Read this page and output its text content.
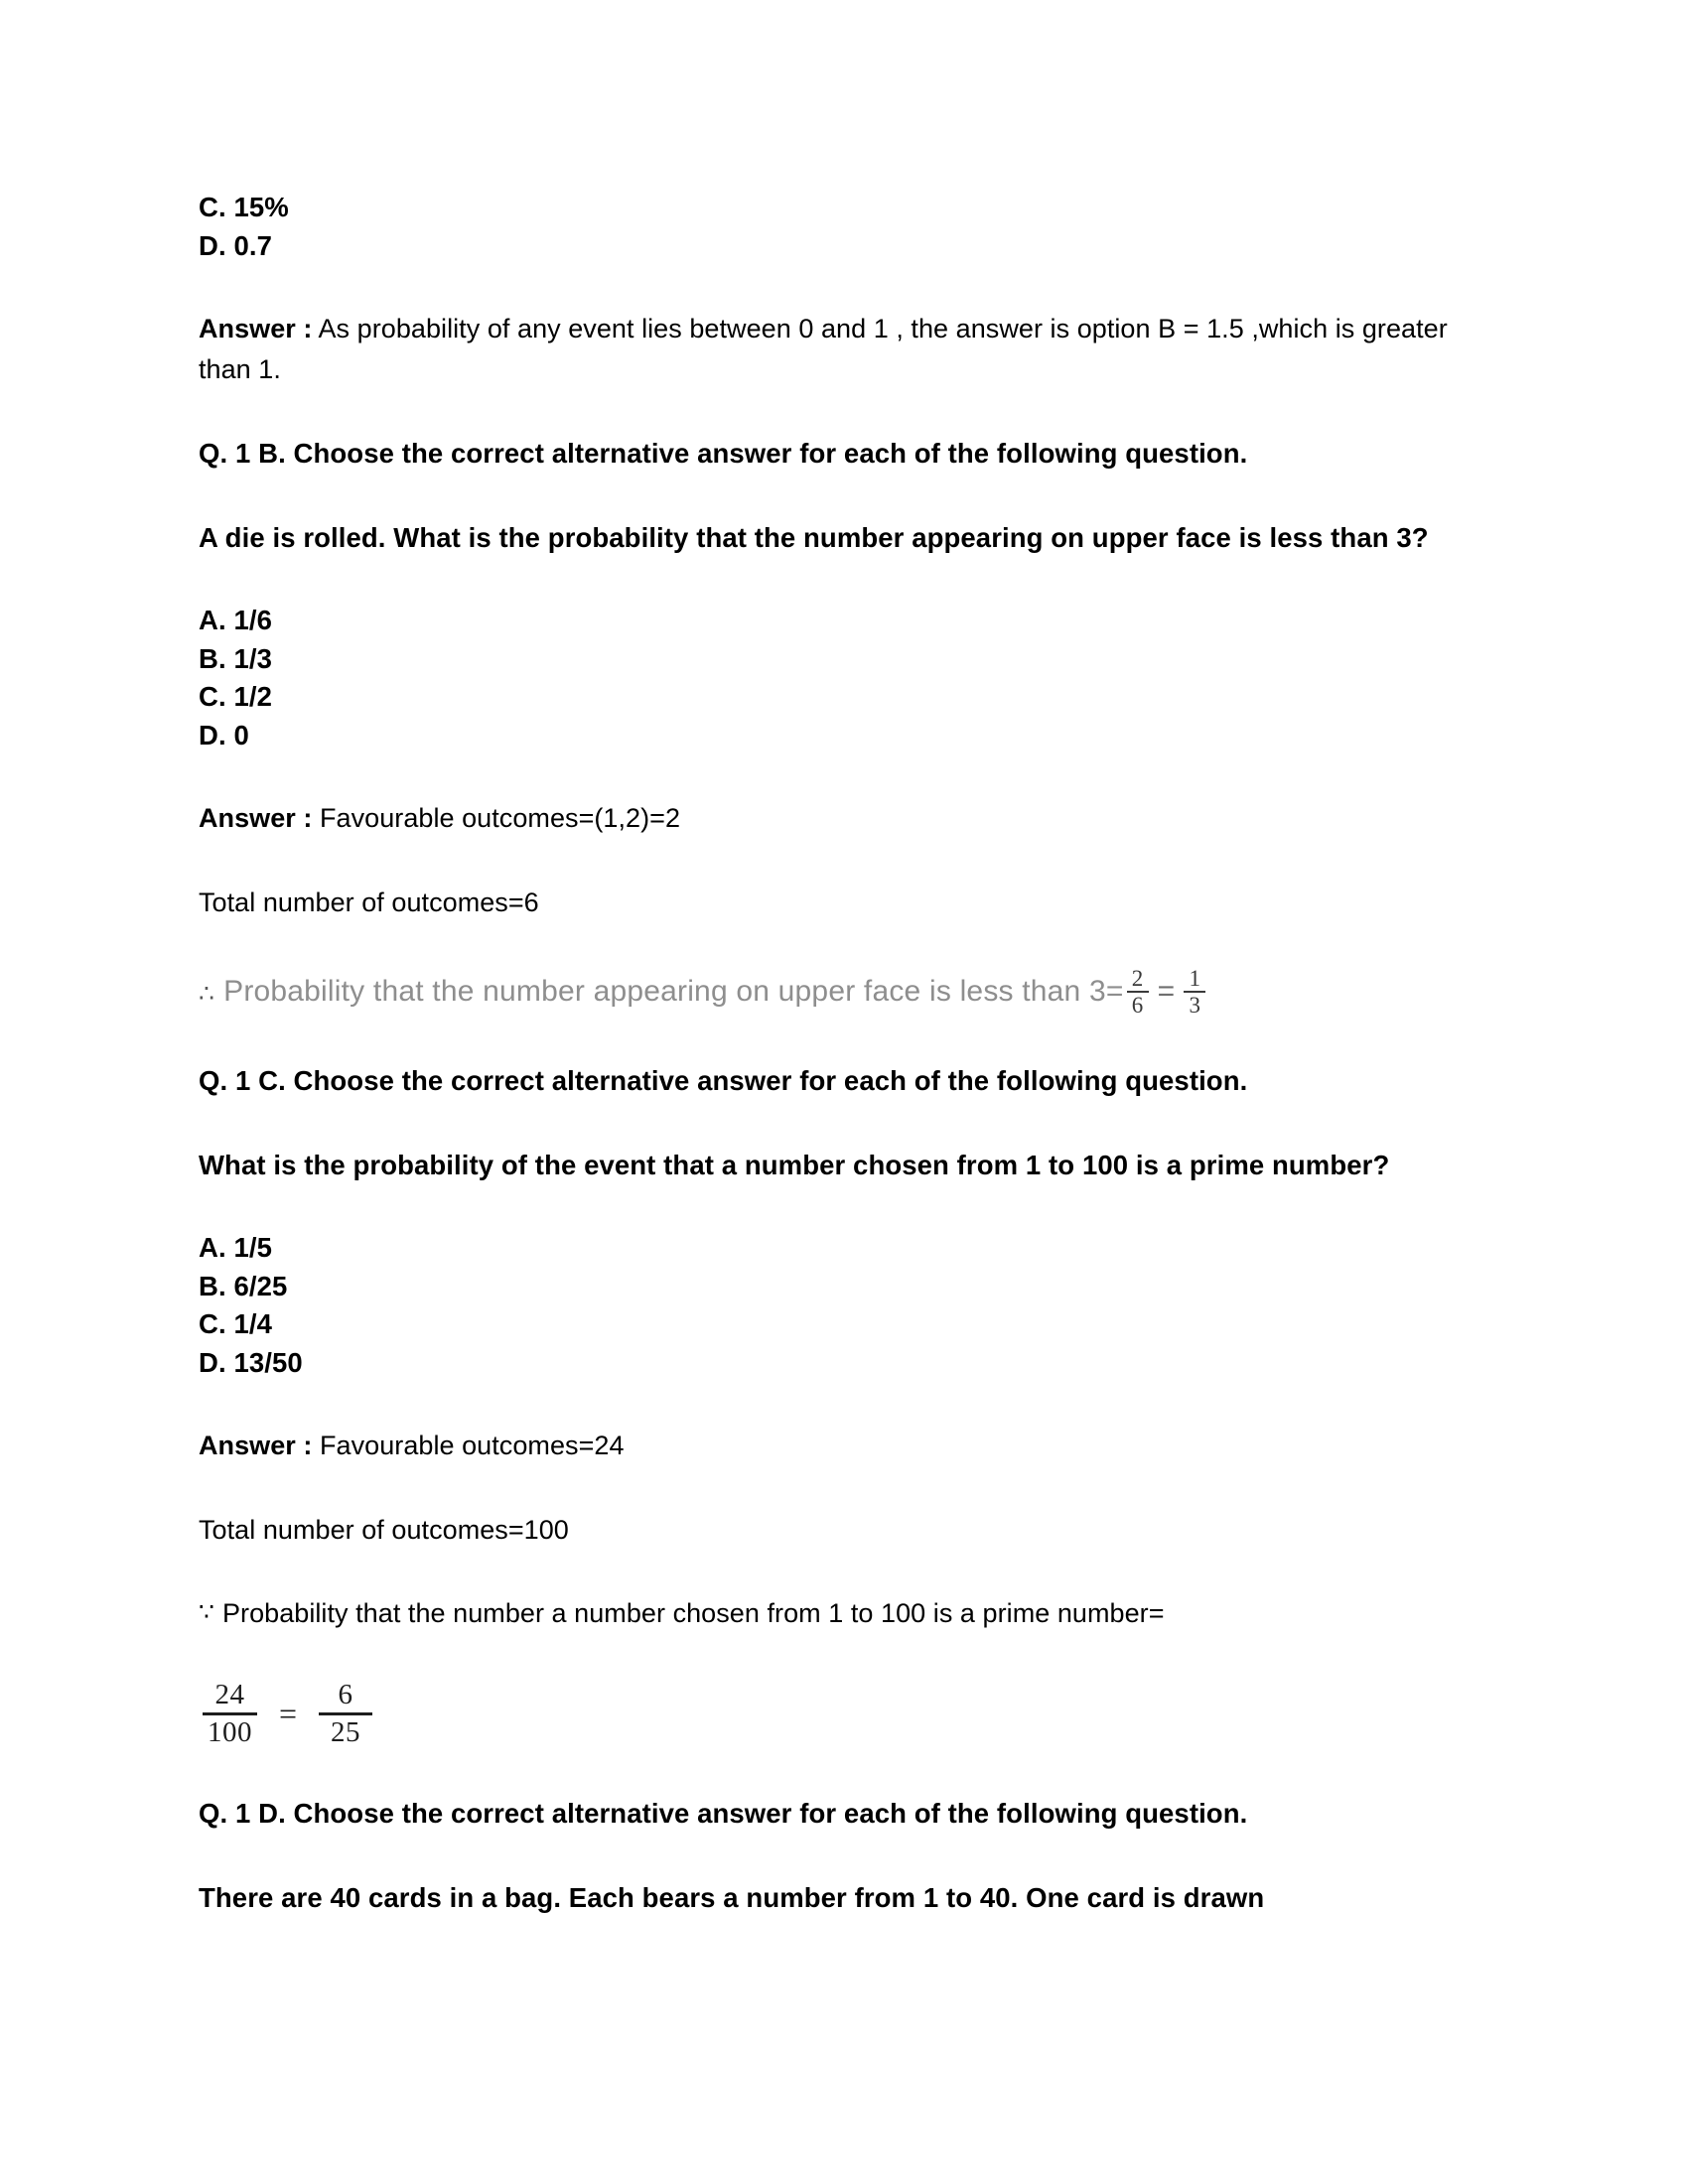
C. 15%
D. 0.7
Answer : As probability of any event lies between 0 and 1 , the answer is option B = 1.5 ,which is greater than 1.
Q. 1 B. Choose the correct alternative answer for each of the following question.
A die is rolled. What is the probability that the number appearing on upper face is less than 3?
A. 1/6
B. 1/3
C. 1/2
D. 0
Answer : Favourable outcomes=(1,2)=2
Total number of outcomes=6
∴ Probability that the number appearing on upper face is less than $3= \frac{2}{6} = \frac{1}{3}$
Q. 1 C. Choose the correct alternative answer for each of the following question.
What is the probability of the event that a number chosen from 1 to 100 is a prime number?
A. 1/5
B. 6/25
C. 1/4
D. 13/50
Answer : Favourable outcomes=24
Total number of outcomes=100
∵ Probability that the number a number chosen from 1 to 100 is a prime number=
$\frac{24}{100} = \frac{6}{25}$
Q. 1 D. Choose the correct alternative answer for each of the following question.
There are 40 cards in a bag. Each bears a number from 1 to 40. One card is drawn
